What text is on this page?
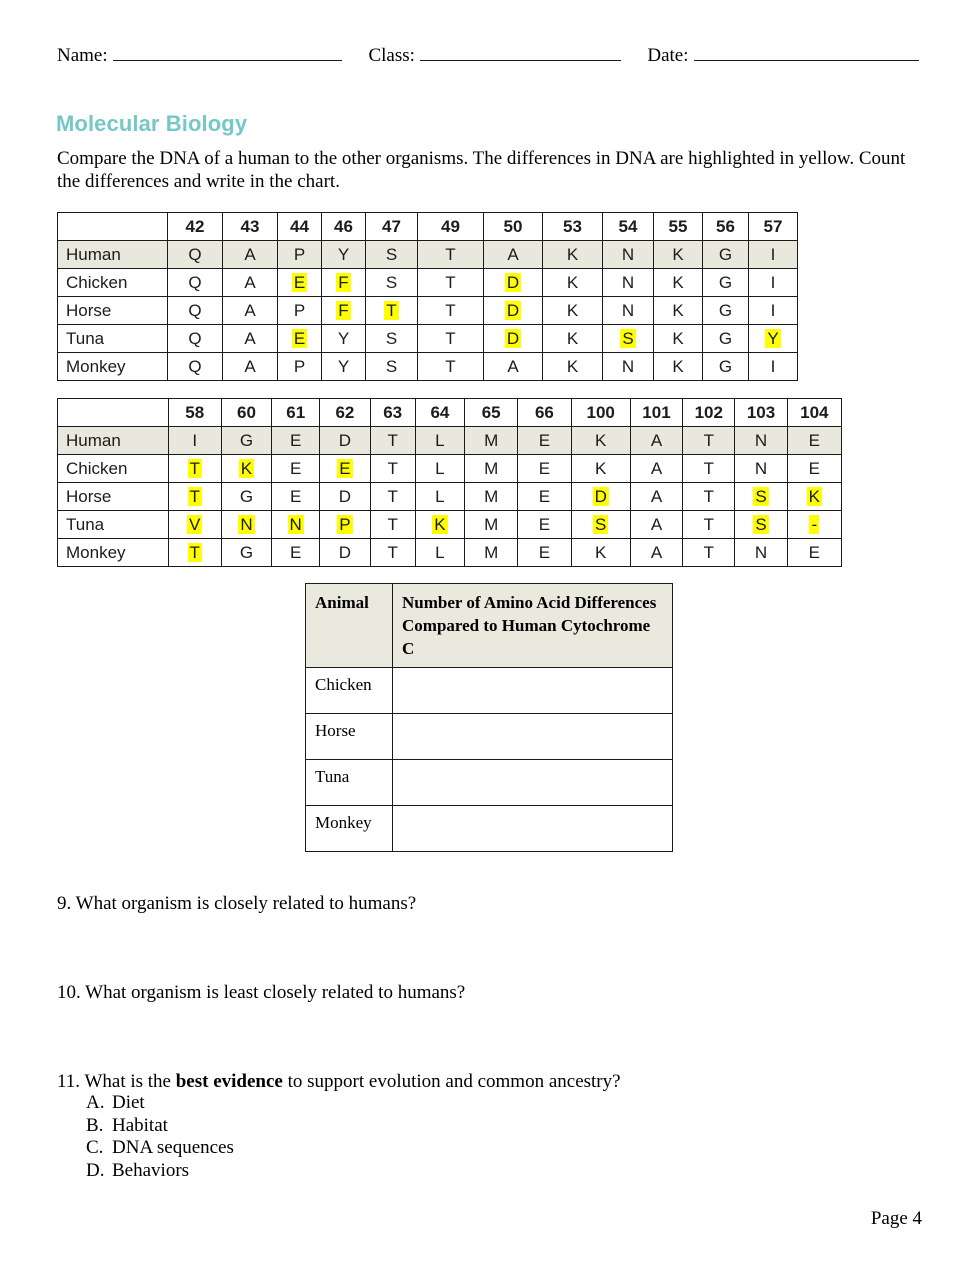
Name:	Class:	Date:
Molecular Biology
Compare the DNA of a human to the other organisms. The differences in DNA are highlighted in yellow. Count the differences and write in the chart.
	42	43	44	46	47	49	50	53	54	55	56	57
Human	Q	A	P	Y	S	T	A	K	N	K	G	I
Chicken	Q	A	E	F	S	T	D	K	N	K	G	I
Horse	Q	A	P	F	T	T	D	K	N	K	G	I
Tuna	Q	A	E	Y	S	T	D	K	S	K	G	Y
Monkey	Q	A	P	Y	S	T	A	K	N	K	G	I
	58	60	61	62	63	64	65	66	100	101	102	103	104
Human	I	G	E	D	T	L	M	E	K	A	T	N	E
Chicken	T	K	E	E	T	L	M	E	K	A	T	N	E
Horse	T	G	E	D	T	L	M	E	D	A	T	S	K
Tuna	V	N	N	P	T	K	M	E	S	A	T	S	-
Monkey	T	G	E	D	T	L	M	E	K	A	T	N	E
Animal	Number of Amino Acid Differences Compared to Human Cytochrome C
Chicken	
Horse	
Tuna	
Monkey	
9. What organism is closely related to humans?
10. What organism is least closely related to humans?
11. What is the best evidence to support evolution and common ancestry?
A. Diet
B. Habitat
C. DNA sequences
D. Behaviors
Page 4
